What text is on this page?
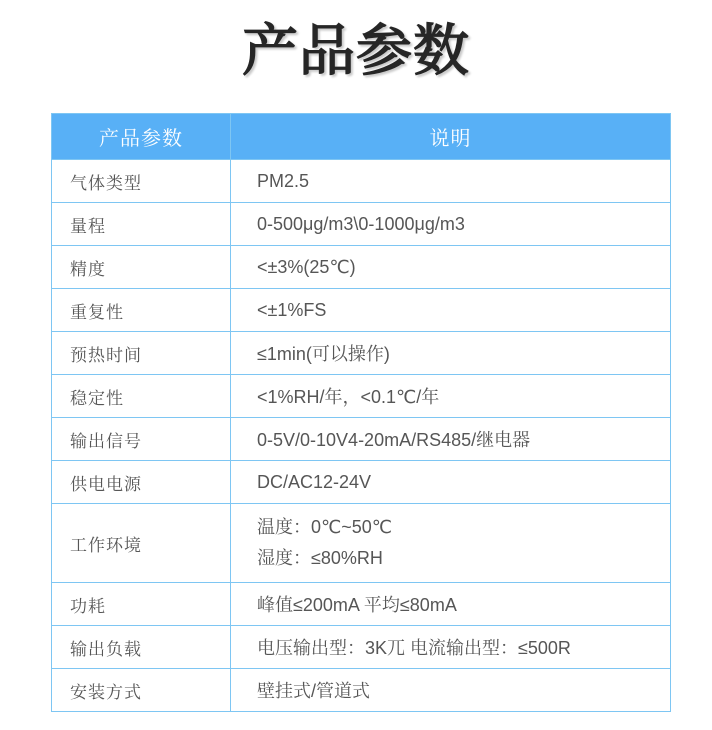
产品参数
产品参数	说明
气体类型	PM2.5
量程	0-500μg/m3\0-1000μg/m3
精度	<±3%(25℃)
重复性	<±1%FS
预热时间	≤1min(可以操作)
稳定性	<1%RH/年，<0.1℃/年
输出信号	0-5V/0-10V4-20mA/RS485/继电器
供电电源	DC/AC12-24V
工作环境	温度：0℃~50℃
湿度：≤80%RH

功耗	峰值≤200mA 平均≤80mA
输出负载	电压输出型：3K兀 电流输出型：≤500R
安装方式	壁挂式/管道式
